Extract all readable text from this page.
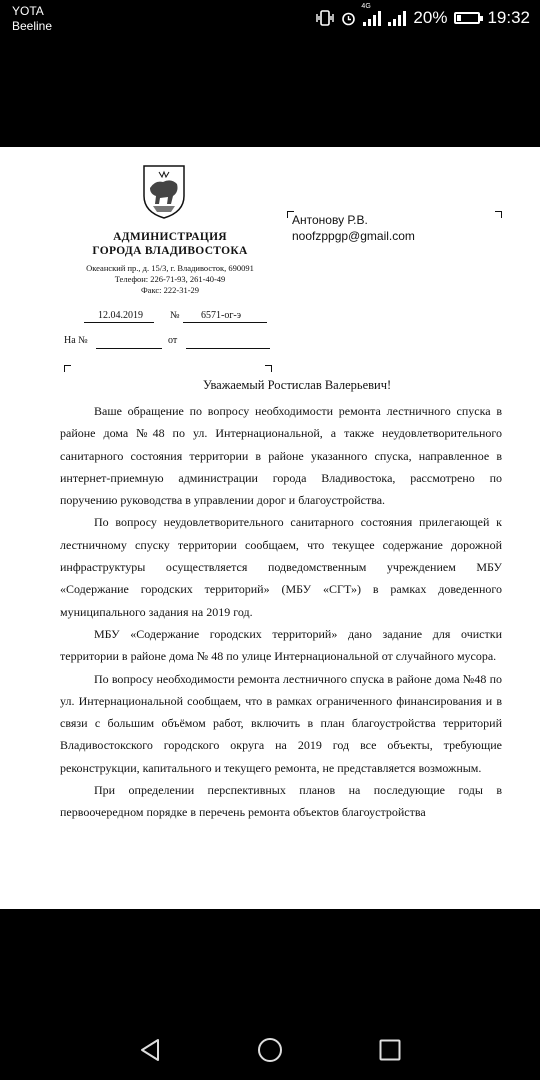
YOTA
Beeline
4G
20% 19:32
АДМИНИСТРАЦИЯ
ГОРОДА ВЛАДИВОСТОКА
Океанский пр., д. 15/3, г. Владивосток, 690091
Телефон: 226-71-93, 261-40-49
Факс: 222-31-29
12.04.2019	№ 6571-ог-э
На №	от
Антонову Р.В.
noofzppgp@gmail.com
Уважаемый Ростислав Валерьевич!

Ваше обращение по вопросу необходимости ремонта лестничного спуска в районе дома №48 по ул. Интернациональной, а также неудовлетворительного санитарного состояния территории в районе указанного спуска, направленное в интернет-приемную администрации города Владивостока, рассмотрено по поручению руководства в управлении дорог и благоустройства.

По вопросу неудовлетворительного санитарного состояния прилегающей к лестничному спуску территории сообщаем, что текущее содержание дорожной инфраструктуры осуществляется подведомственным учреждением МБУ «Содержание городских территорий» (МБУ «СГТ») в рамках доведенного муниципального задания на 2019 год.

МБУ «Содержание городских территорий» дано задание для очистки территории в районе дома № 48 по улице Интернациональной от случайного мусора.

По вопросу необходимости ремонта лестничного спуска в районе дома №48 по ул. Интернациональной сообщаем, что в рамках ограниченного финансирования и в связи с большим объёмом работ, включить в план благоустройства территорий Владивостокского городского округа на 2019 год все объекты, требующие реконструкции, капитального и текущего ремонта, не представляется возможным.

При определении перспективных планов на последующие годы в первоочередном порядке в перечень ремонта объектов благоустройства
